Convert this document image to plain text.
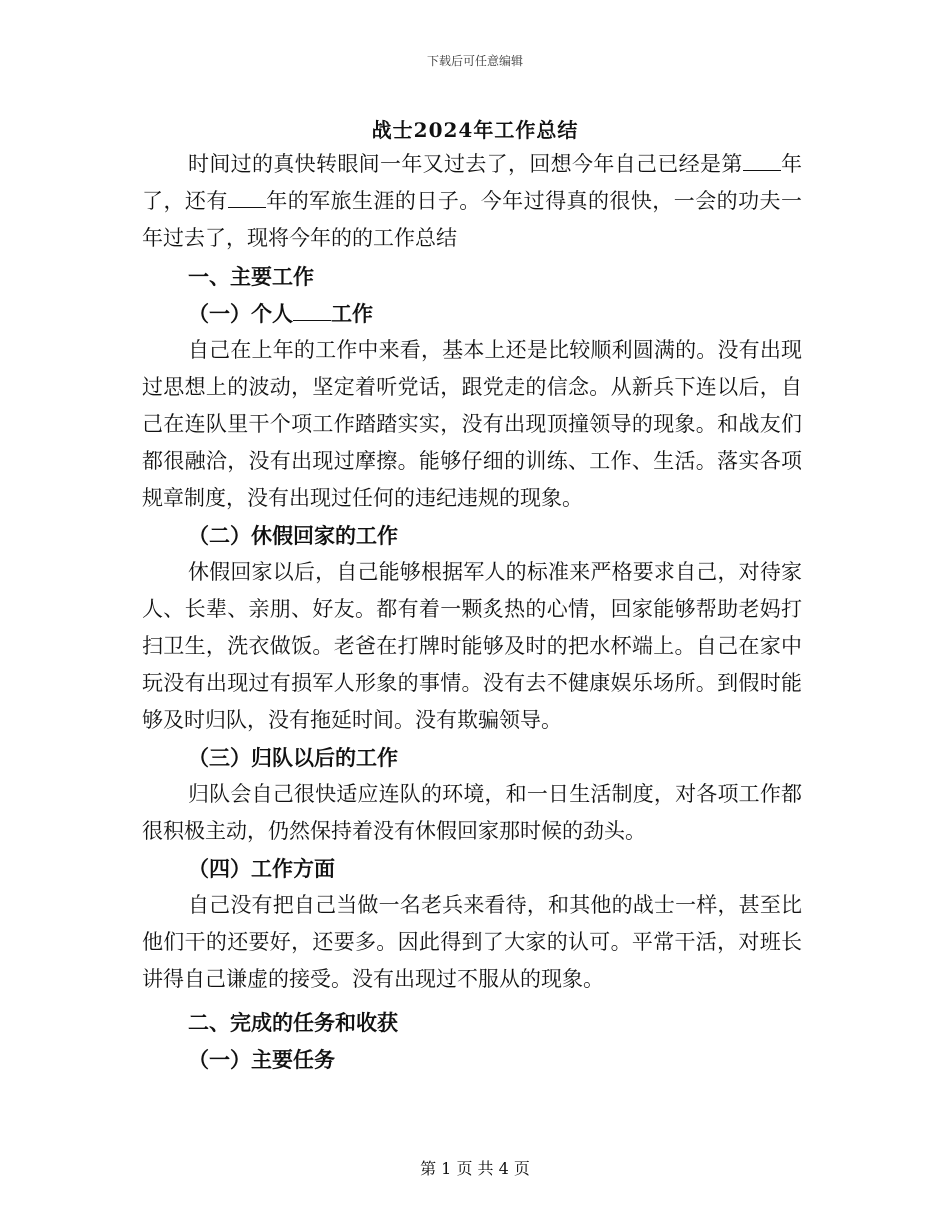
下载后可任意编辑
战士2024年工作总结

时间过的真快转眼间一年又过去了，回想今年自己已经是第 年了，还有 年的军旅生涯的日子。今年过得真的很快，一会的功夫一年过去了，现将今年的的工作总结

一、主要工作
（一）个人 工作

自己在上年的工作中来看，基本上还是比较顺利圆满的。没有出现过思想上的波动，坚定着听党话，跟党走的信念。从新兵下连以后，自己在连队里干个项工作踏踏实实，没有出现顶撞领导的现象。和战友们都很融洽，没有出现过摩擦。能够仔细的训练、工作、生活。落实各项规章制度，没有出现过任何的违纪违规的现象。

（二）休假回家的工作

休假回家以后，自己能够根据军人的标准来严格要求自己，对待家人、长辈、亲朋、好友。都有着一颗炙热的心情，回家能够帮助老妈打扫卫生，洗衣做饭。老爸在打牌时能够及时的把水杯端上。自己在家中玩没有出现过有损军人形象的事情。没有去不健康娱乐场所。到假时能够及时归队，没有拖延时间。没有欺骗领导。

（三）归队以后的工作

归队会自己很快适应连队的环境，和一日生活制度，对各项工作都很积极主动，仍然保持着没有休假回家那时候的劲头。

（四）工作方面

自己没有把自己当做一名老兵来看待，和其他的战士一样，甚至比他们干的还要好，还要多。因此得到了大家的认可。平常干活，对班长讲得自己谦虚的接受。没有出现过不服从的现象。

二、完成的任务和收获
（一）主要任务
第 1 页 共 4 页
